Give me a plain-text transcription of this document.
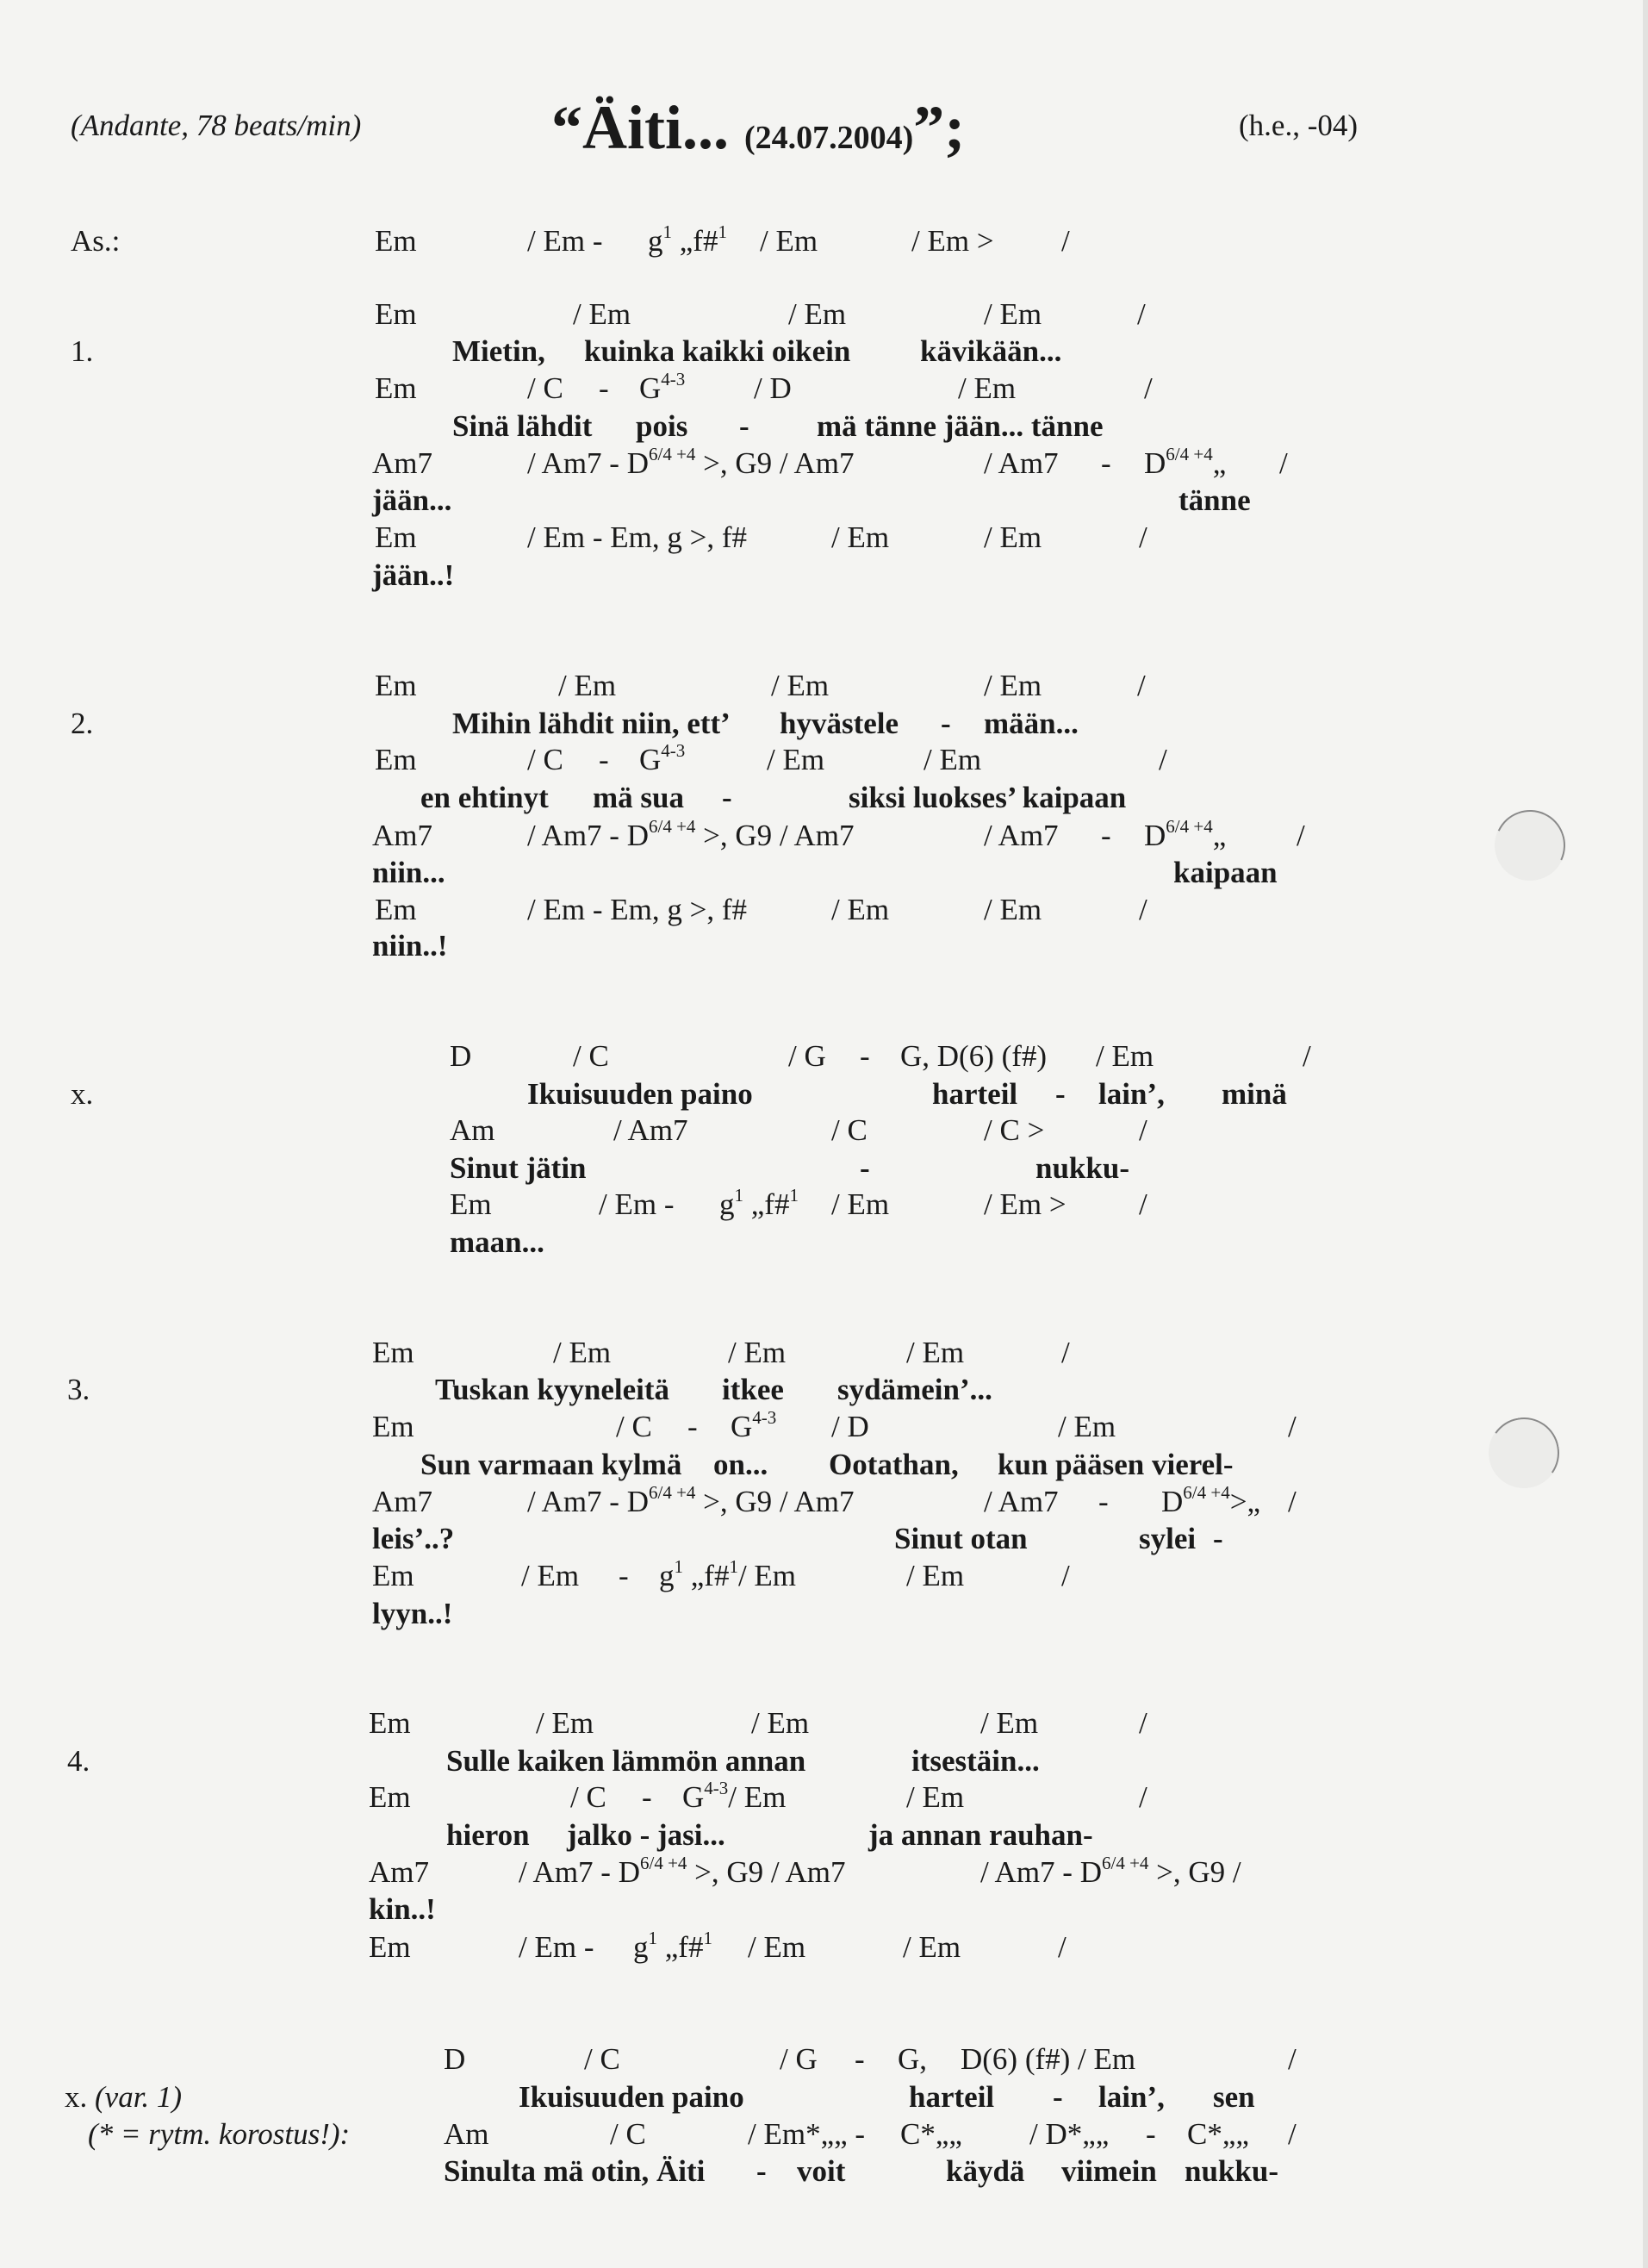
(Andante, 78 beats/min)	“Äiti... (24.07.2004)”;	(h.e., -04)
As.:	Em	/ Em - $g^1$ „f#$^1$ / Em	/ Em > /
Em	/ Em	/ Em	/ Em	/
1.	Mietin, kuinka kaikki oikein kävikään...
Em	/ C - $G^{4-3}$ / D	/ Em	/
Sinä lähdit pois - mä tänne jään... tänne
Am7	/ $Am7 - D^{6/4 +4}$ >, G9 / Am7	/ $Am7 - D^{6/4 +4}„$ /
jään...	tänne
Em	/ Em - Em, g >, f#	/ Em	/ Em	/
jään..!
Em	/ Em	/ Em	/ Em	/
2.	Mihin lähdit niin, ett’ hyvästele - mään...
Em	/ C - $G^{4-3}$	/ Em	/ Em	/
en ehtinyt mä sua -	siksi luokses’ kaipaan
Am7	/ $Am7 - D^{6/4 +4}$ >, G9 / Am7	/ $Am7 - D^{6/4 +4}„$ /
niin...	kaipaan
Em	/ Em - Em, g >, f#	/ Em	/ Em	/
niin..!
D	/ C	/ G - G, D(6) (f#) / Em	/
x.	Ikuisuuden paino	harteil - lain’, minä
Am	/ Am7	/ C	/ C >	/
Sinut jätin	-	nukku-
Em	/ Em - $g^1$ „f#$^1$ / Em	/ Em > /
maan...
Em	/ Em	/ Em	/ Em	/
3.	Tuskan kyyneleitä itkee sydämein’...
Em	/ C - $G^{4-3}$ / D	/ Em	/
Sun varmaan kylmä on... Ootathan, kun pääsen vierel-
Am7	/ $Am7 - D^{6/4 +4}$ >, G9 / Am7	/ $Am7 - D^{6/4 +4}>„$ /
leis’..?	Sinut otan	sylei -
Em	/ Em - $g^1$ „f#$^1$/ Em	/ Em	/
lyyn..!
Em	/ Em	/ Em	/ Em	/
4.	Sulle kaiken lämmön annan	itsestäin...
Em	/ C - $G^{4-3}/$ Em	/ Em	/
hieron jalko - jasi...	ja annan rauhan-
Am7	/ $Am7 - D^{6/4 +4}$ >, G9 / Am7	/ $Am7 - D^{6/4 +4}$ >, G9 /
kin..!
Em	/ Em - $g^1$ „f#$^1$ / Em	/ Em	/
D	/ C	/ G - G, D(6) (f#) / Em	/
x. (var. 1)	Ikuisuuden paino	harteil - lain’, sen
(* = rytm. korostus!):	Am	/ C	/ Em*„„ - C*„„ / D*„„ - C*„„ /
Sinulta mä otin, Äiti - voit	käydä viimein nukku-
